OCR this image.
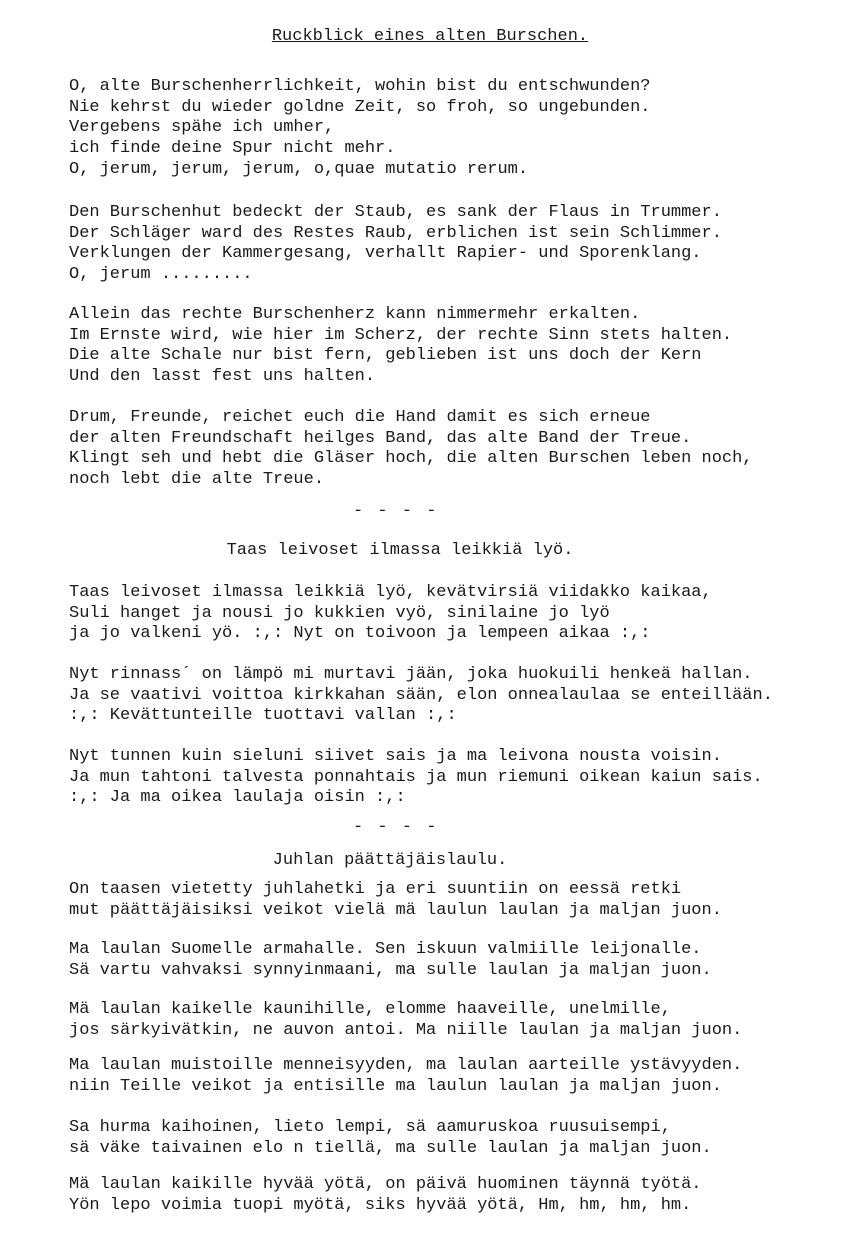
Ruckblick eines alten Burschen.
O, alte Burschenherrlichkeit, wohin bist du entschwunden?
Nie kehrst du wieder goldne Zeit, so froh, so ungebunden.
Vergebens spähe ich umher,
ich finde deine Spur nicht mehr.
O, jerum, jerum, jerum, o,quae mutatio rerum.
Den Burschenhut bedeckt der Staub, es sank der Flaus in Trummer.
Der Schläger ward des Restes Raub, erblichen ist sein Schlimmer.
Verklungen der Kammergesang, verhallt Rapier- und Sporenklang.
O, jerum .........
Allein das rechte Burschenherz kann nimmermehr erkalten.
Im Ernste wird, wie hier im Scherz, der rechte Sinn stets halten.
Die alte Schale nur bist fern, geblieben ist uns doch der Kern
Und den lasst fest uns halten.
Drum, Freunde, reichet euch die Hand damit es sich erneue
der alten Freundschaft heilges Band, das alte Band der Treue.
Klingt seh und hebt die Gläser hoch, die alten Burschen leben noch,
noch lebt die alte Treue.
- - - -
Taas leivoset ilmassa leikkiä lyö.
Taas leivoset ilmassa leikkiä lyö, kevätvirsiä viidakko kaikaa,
Suli hanget ja nousi jo kukkien vyö, sinilaine jo lyö
ja jo valkeni yö. :,: Nyt on toivoon ja lempeen aikaa :,:
Nyt rinnass´ on lämpö mi murtavi jään, joka huokuili henkeä hallan.
Ja se vaativi voittoa kirkkahan sään, elon onnealaulaa se enteillään.
:,: Kevättunteille tuottavi vallan :,:
Nyt tunnen kuin sieluni siivet sais ja ma leivona nousta voisin.
Ja mun tahtoni talvesta ponnahtais ja mun riemuni oikean kaiun sais.
:,: Ja ma oikea laulaja oisin :,:
- - - -
Juhlan päättäjäislaulu.
On taasen vietetty juhlahetki ja eri suuntiin on eessä retki
mut päättäjäisiksi veikot vielä mä laulun laulan ja maljan juon.
Ma laulan Suomelle armahalle. Sen iskuun valmiille leijonalle.
Sä vartu vahvaksi synnyinmaani, ma sulle laulan ja maljan juon.
Mä laulan kaikelle kaunihille, elomme haaveille, unelmille,
jos särkyivätkin, ne auvon antoi. Ma niille laulan ja maljan juon.
Ma laulan muistoille menneisyyden, ma laulan aarteille ystävyyden.
niin Teille veikot ja entisille ma laulun laulan ja maljan juon.
Sa hurma kaihoinen, lieto lempi, sä aamuruskoa ruusuisempi,
sä väke taivainen elo n tiellä, ma sulle laulan ja maljan juon.
Mä laulan kaikille hyvää yötä, on päivä huominen täynnä työtä.
Yön lepo voimia tuopi myötä, siks hyvää yötä, Hm, hm, hm, hm.
